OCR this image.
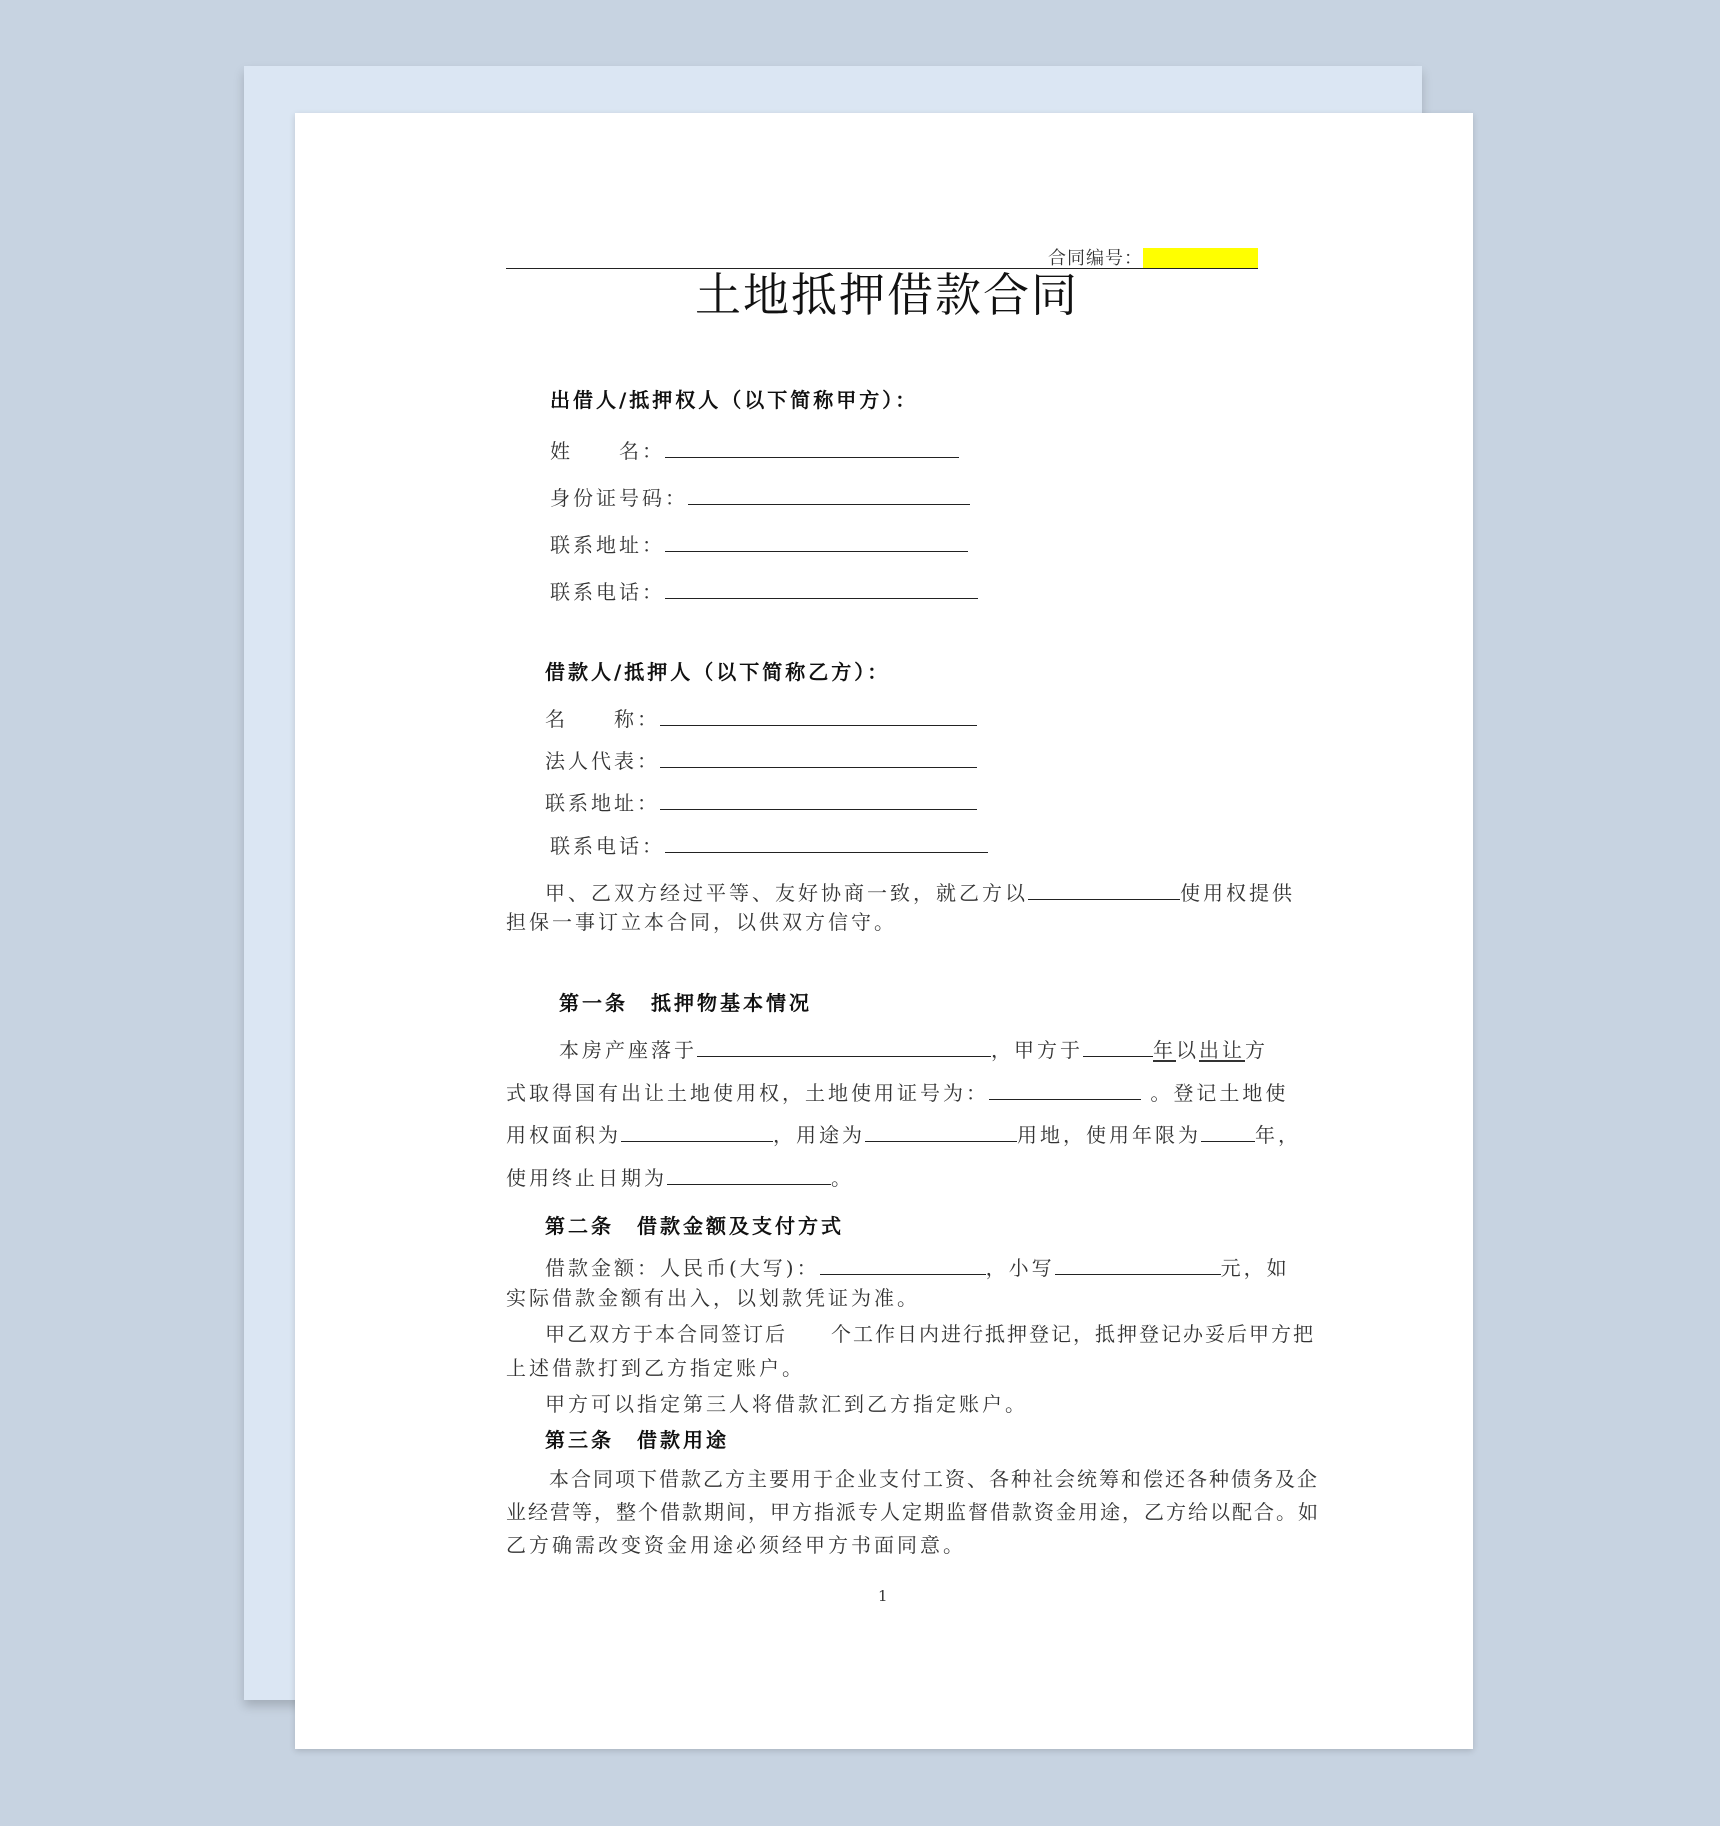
合同编号：
土地抵押借款合同
出借人/抵押权人（以下简称甲方）：
姓　　名：
身份证号码：
联系地址：
联系电话：
借款人/抵押人（以下简称乙方）：
名　　称：
法人代表：
联系地址：
联系电话：
甲、乙双方经过平等、友好协商一致，就乙方以	使用权提供
担保一事订立本合同，以供双方信守。
第一条　抵押物基本情况
本房产座落于	，甲方于	年以出让方
式取得国有出让土地使用权，土地使用证号为：	。登记土地使
用权面积为	，用途为	用地，使用年限为	年，
使用终止日期为	。
第二条　借款金额及支付方式
借款金额：人民币(大写)：	，小写	元，如
实际借款金额有出入，以划款凭证为准。
甲乙双方于本合同签订后　　个工作日内进行抵押登记，抵押登记办妥后甲方把
上述借款打到乙方指定账户。
甲方可以指定第三人将借款汇到乙方指定账户。
第三条　借款用途
本合同项下借款乙方主要用于企业支付工资、各种社会统筹和偿还各种债务及企
业经营等，整个借款期间，甲方指派专人定期监督借款资金用途，乙方给以配合。如
乙方确需改变资金用途必须经甲方书面同意。
1
